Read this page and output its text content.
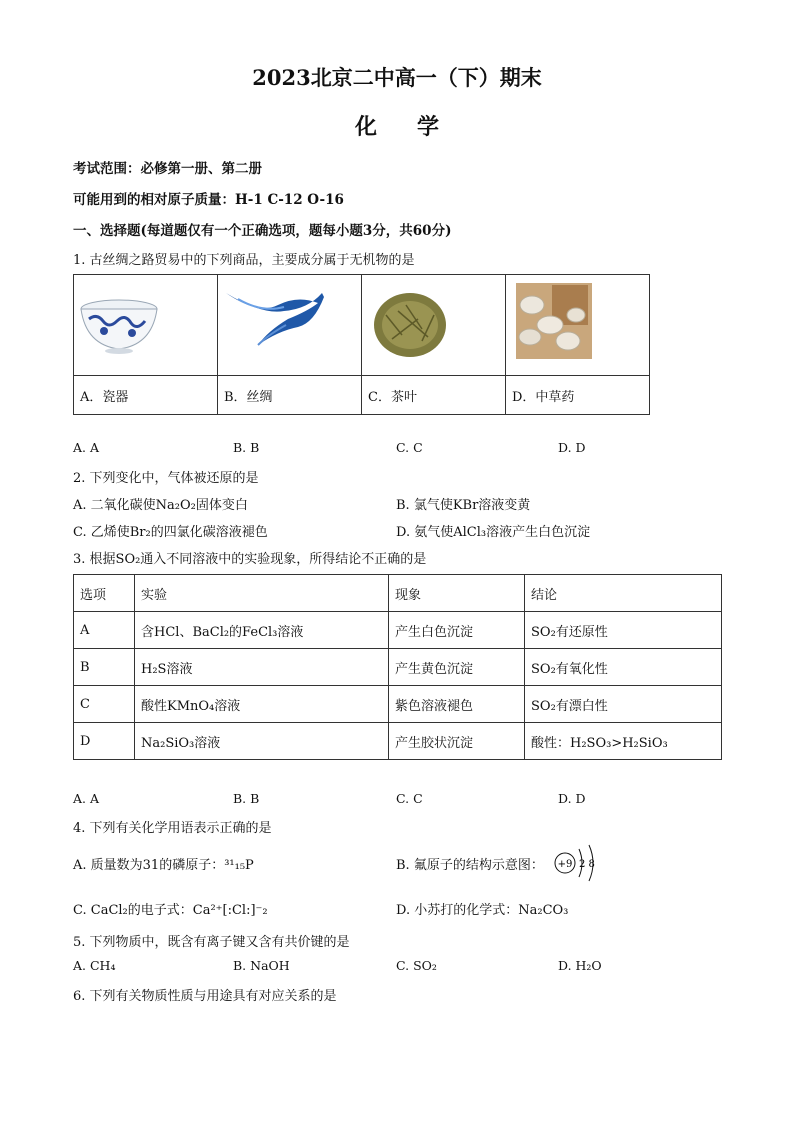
2023北京二中高一（下）期末
化学
考试范围：必修第一册、第二册
可能用到的相对原子质量：H-1 C-12 O-16
一、选择题(每道题仅有一个正确选项，题每小题3分，共60分)
1. 古丝绸之路贸易中的下列商品，主要成分属于无机物的是

A．瓷器	B．丝绸	C．茶叶	D．中草药
A. A	B. B	C. C	D. D
2. 下列变化中，气体被还原的是
A. 二氧化碳使Na₂O₂固体变白	B. 氯气使KBr溶液变黄
C. 乙烯使Br₂的四氯化碳溶液褪色	D. 氨气使AlCl₃溶液产生白色沉淀
3. 根据SO₂通入不同溶液中的实验现象，所得结论不正确的是
选项	实验	现象	结论
A	含HCl、BaCl₂的FeCl₃溶液	产生白色沉淀	SO₂有还原性
B	H₂S溶液	产生黄色沉淀	SO₂有氧化性
C	酸性KMnO₄溶液	紫色溶液褪色	SO₂有漂白性
D	Na₂SiO₃溶液	产生胶状沉淀	酸性：H₂SO₃>H₂SiO₃
A. A	B. B	C. C	D. D
4. 下列有关化学用语表示正确的是
A. 质量数为31的磷原子：³¹₁₅P	B. 氟原子的结构示意图： +9 2 8
C. CaCl₂的电子式：Ca²⁺[:Cl:]⁻₂	D. 小苏打的化学式：Na₂CO₃
5. 下列物质中，既含有离子键又含有共价键的是
A. CH₄	B. NaOH	C. SO₂	D. H₂O
6. 下列有关物质性质与用途具有对应关系的是
